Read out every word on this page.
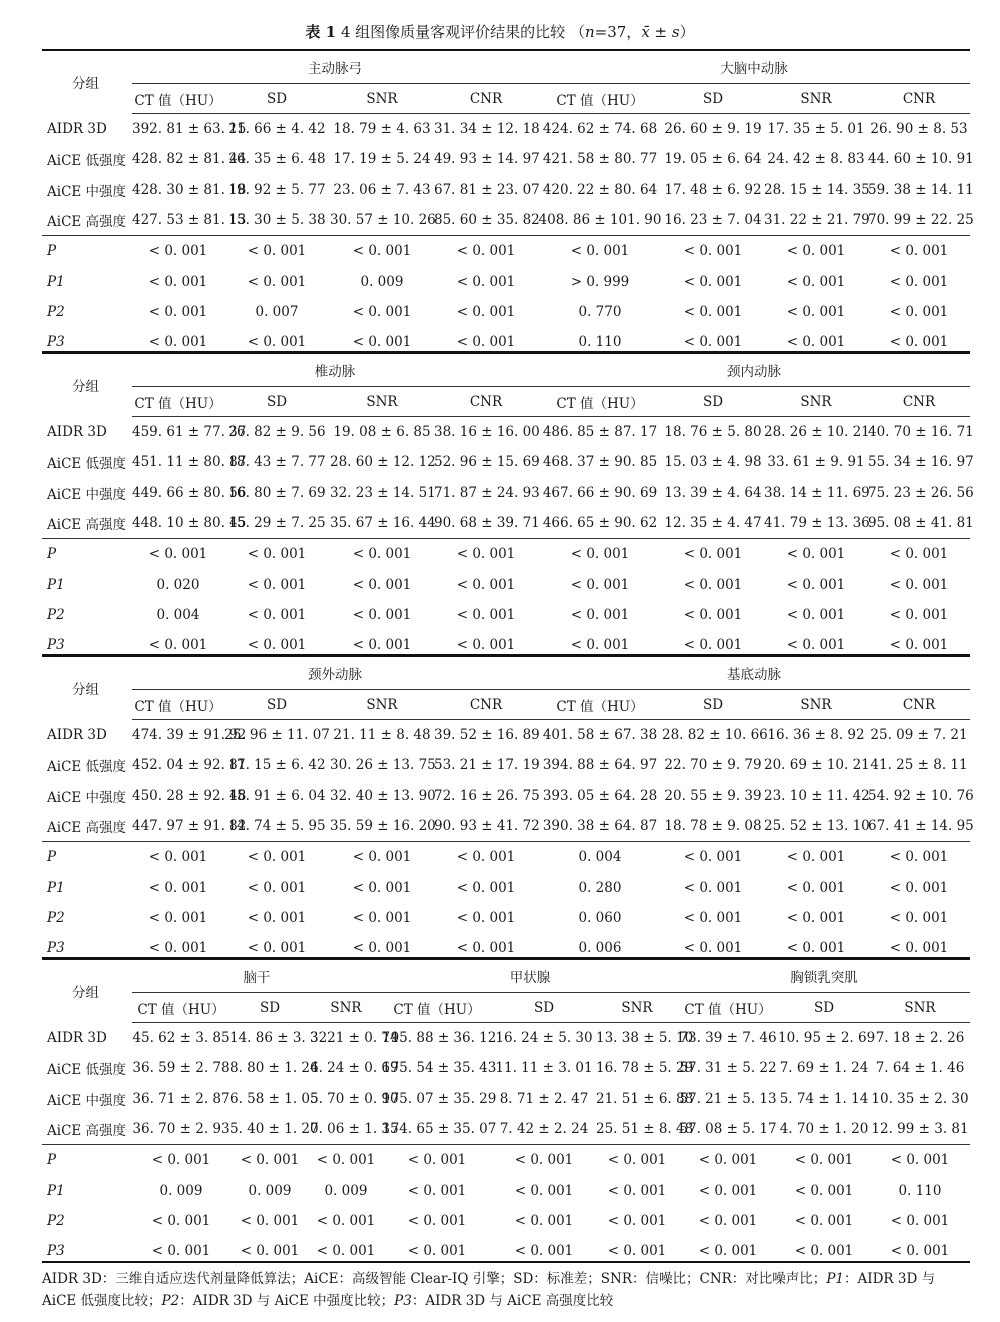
表 1 4 组图像质量客观评价结果的比较 （n=37，x̄ ± s）
分组	主动脉弓				大脑中动脉			
	CT 值（HU）	SD	SNR	CNR	CT 值（HU）	SD	SNR	CNR
AIDR 3D	392. 81 ± 63. 15	21. 66 ± 4. 42	18. 79 ± 4. 63	31. 34 ± 12. 18	424. 62 ± 74. 68	26. 60 ± 9. 19	17. 35 ± 5. 01	26. 90 ± 8. 53
AiCE 低强度	428. 82 ± 81. 44	26. 35 ± 6. 48	17. 19 ± 5. 24	49. 93 ± 14. 97	421. 58 ± 80. 77	19. 05 ± 6. 64	24. 42 ± 8. 83	44. 60 ± 10. 91
AiCE 中强度	428. 30 ± 81. 18	19. 92 ± 5. 77	23. 06 ± 7. 43	67. 81 ± 23. 07	420. 22 ± 80. 64	17. 48 ± 6. 92	28. 15 ± 14. 35	59. 38 ± 14. 11
AiCE 高强度	427. 53 ± 81. 13	15. 30 ± 5. 38	30. 57 ± 10. 26	85. 60 ± 35. 82	408. 86 ± 101. 90	16. 23 ± 7. 04	31. 22 ± 21. 79	70. 99 ± 22. 25
P	< 0. 001	< 0. 001	< 0. 001	< 0. 001	< 0. 001	< 0. 001	< 0. 001	< 0. 001
P1	< 0. 001	< 0. 001	0. 009	< 0. 001	> 0. 999	< 0. 001	< 0. 001	< 0. 001
P2	< 0. 001	0. 007	< 0. 001	< 0. 001	0. 770	< 0. 001	< 0. 001	< 0. 001
P3	< 0. 001	< 0. 001	< 0. 001	< 0. 001	0. 110	< 0. 001	< 0. 001	< 0. 001
分组	椎动脉				颈内动脉			
	CT 值（HU）	SD	SNR	CNR	CT 值（HU）	SD	SNR	CNR
AIDR 3D	459. 61 ± 77. 37	26. 82 ± 9. 56	19. 08 ± 6. 85	38. 16 ± 16. 00	486. 85 ± 87. 17	18. 76 ± 5. 80	28. 26 ± 10. 21	40. 70 ± 16. 71
AiCE 低强度	451. 11 ± 80. 87	18. 43 ± 7. 77	28. 60 ± 12. 12	52. 96 ± 15. 69	468. 37 ± 90. 85	15. 03 ± 4. 98	33. 61 ± 9. 91	55. 34 ± 16. 97
AiCE 中强度	449. 66 ± 80. 56	16. 80 ± 7. 69	32. 23 ± 14. 51	71. 87 ± 24. 93	467. 66 ± 90. 69	13. 39 ± 4. 64	38. 14 ± 11. 69	75. 23 ± 26. 56
AiCE 高强度	448. 10 ± 80. 45	15. 29 ± 7. 25	35. 67 ± 16. 44	90. 68 ± 39. 71	466. 65 ± 90. 62	12. 35 ± 4. 47	41. 79 ± 13. 36	95. 08 ± 41. 81
P	< 0. 001	< 0. 001	< 0. 001	< 0. 001	< 0. 001	< 0. 001	< 0. 001	< 0. 001
P1	0. 020	< 0. 001	< 0. 001	< 0. 001	< 0. 001	< 0. 001	< 0. 001	< 0. 001
P2	0. 004	< 0. 001	< 0. 001	< 0. 001	< 0. 001	< 0. 001	< 0. 001	< 0. 001
P3	< 0. 001	< 0. 001	< 0. 001	< 0. 001	< 0. 001	< 0. 001	< 0. 001	< 0. 001
分组	颈外动脉				基底动脉			
	CT 值（HU）	SD	SNR	CNR	CT 值（HU）	SD	SNR	CNR
AIDR 3D	474. 39 ± 91. 92	25. 96 ± 11. 07	21. 11 ± 8. 48	39. 52 ± 16. 89	401. 58 ± 67. 38	28. 82 ± 10. 66	16. 36 ± 8. 92	25. 09 ± 7. 21
AiCE 低强度	452. 04 ± 92. 81	17. 15 ± 6. 42	30. 26 ± 13. 75	53. 21 ± 17. 19	394. 88 ± 64. 97	22. 70 ± 9. 79	20. 69 ± 10. 21	41. 25 ± 8. 11
AiCE 中强度	450. 28 ± 92. 48	15. 91 ± 6. 04	32. 40 ± 13. 90	72. 16 ± 26. 75	393. 05 ± 64. 28	20. 55 ± 9. 39	23. 10 ± 11. 42	54. 92 ± 10. 76
AiCE 高强度	447. 97 ± 91. 82	14. 74 ± 5. 95	35. 59 ± 16. 20	90. 93 ± 41. 72	390. 38 ± 64. 87	18. 78 ± 9. 08	25. 52 ± 13. 10	67. 41 ± 14. 95
P	< 0. 001	< 0. 001	< 0. 001	< 0. 001	0. 004	< 0. 001	< 0. 001	< 0. 001
P1	< 0. 001	< 0. 001	< 0. 001	< 0. 001	0. 280	< 0. 001	< 0. 001	< 0. 001
P2	< 0. 001	< 0. 001	< 0. 001	< 0. 001	0. 060	< 0. 001	< 0. 001	< 0. 001
P3	< 0. 001	< 0. 001	< 0. 001	< 0. 001	0. 006	< 0. 001	< 0. 001	< 0. 001
分组	脑干			甲状腺			胸锁乳突肌		
	CT 值（HU）	SD	SNR	CT 值（HU）	SD	SNR	CT 值（HU）	SD	SNR
AIDR 3D	45. 62 ± 3. 85	14. 86 ± 3. 32	3. 21 ± 0. 74	195. 88 ± 36. 12	16. 24 ± 5. 30	13. 38 ± 5. 10	73. 39 ± 7. 46	10. 95 ± 2. 69	7. 18 ± 2. 26
AiCE 低强度	36. 59 ± 2. 78	8. 80 ± 1. 26	4. 24 ± 0. 69	175. 54 ± 35. 43	11. 11 ± 3. 01	16. 78 ± 5. 29	57. 31 ± 5. 22	7. 69 ± 1. 24	7. 64 ± 1. 46
AiCE 中强度	36. 71 ± 2. 87	6. 58 ± 1. 05	5. 70 ± 0. 90	175. 07 ± 35. 29	8. 71 ± 2. 47	21. 51 ± 6. 88	57. 21 ± 5. 13	5. 74 ± 1. 14	10. 35 ± 2. 30
AiCE 高强度	36. 70 ± 2. 93	5. 40 ± 1. 20	7. 06 ± 1. 35	174. 65 ± 35. 07	7. 42 ± 2. 24	25. 51 ± 8. 48	57. 08 ± 5. 17	4. 70 ± 1. 20	12. 99 ± 3. 81
P	< 0. 001	< 0. 001	< 0. 001	< 0. 001	< 0. 001	< 0. 001	< 0. 001	< 0. 001	< 0. 001
P1	0. 009	0. 009	0. 009	< 0. 001	< 0. 001	< 0. 001	< 0. 001	< 0. 001	0. 110
P2	< 0. 001	< 0. 001	< 0. 001	< 0. 001	< 0. 001	< 0. 001	< 0. 001	< 0. 001	< 0. 001
P3	< 0. 001	< 0. 001	< 0. 001	< 0. 001	< 0. 001	< 0. 001	< 0. 001	< 0. 001	< 0. 001
AIDR 3D：三维自适应迭代剂量降低算法；AiCE：高级智能 Clear-IQ 引擎；SD：标准差；SNR：信噪比；CNR：对比噪声比；P1：AIDR 3D 与 AiCE 低强度比较；P2：AIDR 3D 与 AiCE 中强度比较；P3：AIDR 3D 与 AiCE 高强度比较
